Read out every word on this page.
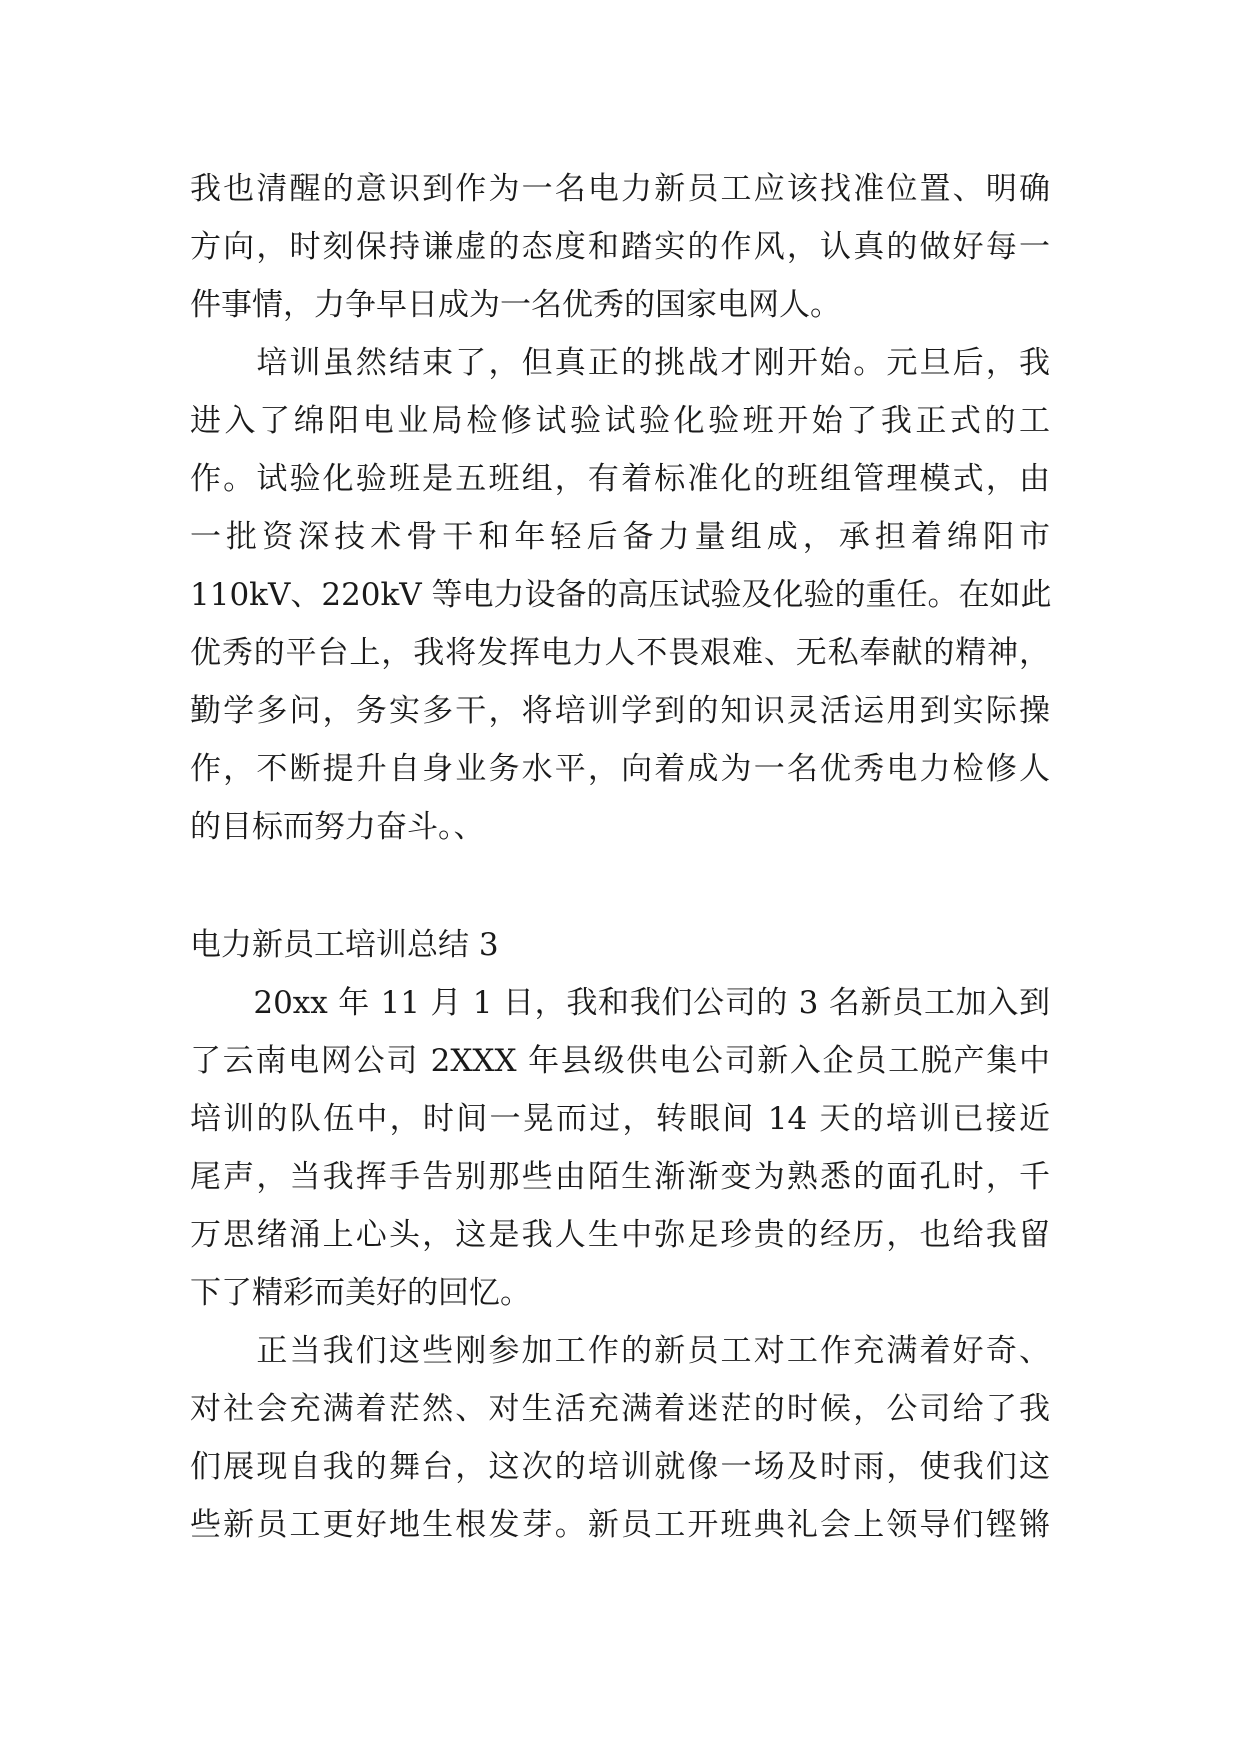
我也清醒的意识到作为一名电力新员工应该找准位置、明确
方向，时刻保持谦虚的态度和踏实的作风，认真的做好每一
件事情，力争早日成为一名优秀的国家电网人。
　　培训虽然结束了，但真正的挑战才刚开始。元旦后，我
进入了绵阳电业局检修试验试验化验班开始了我正式的工
作。试验化验班是五班组，有着标准化的班组管理模式，由
一批资深技术骨干和年轻后备力量组成，承担着绵阳市
110kV、220kV 等电力设备的高压试验及化验的重任。在如此
优秀的平台上，我将发挥电力人不畏艰难、无私奉献的精神，
勤学多问，务实多干，将培训学到的知识灵活运用到实际操
作，不断提升自身业务水平，向着成为一名优秀电力检修人
的目标而努力奋斗。、
电力新员工培训总结 3
　　20xx 年 11 月 1 日，我和我们公司的 3 名新员工加入到
了云南电网公司 2XXX 年县级供电公司新入企员工脱产集中
培训的队伍中，时间一晃而过，转眼间 14 天的培训已接近
尾声，当我挥手告别那些由陌生渐渐变为熟悉的面孔时，千
万思绪涌上心头，这是我人生中弥足珍贵的经历，也给我留
下了精彩而美好的回忆。
　　正当我们这些刚参加工作的新员工对工作充满着好奇、
对社会充满着茫然、对生活充满着迷茫的时候，公司给了我
们展现自我的舞台，这次的培训就像一场及时雨，使我们这
些新员工更好地生根发芽。新员工开班典礼会上领导们铿锵
